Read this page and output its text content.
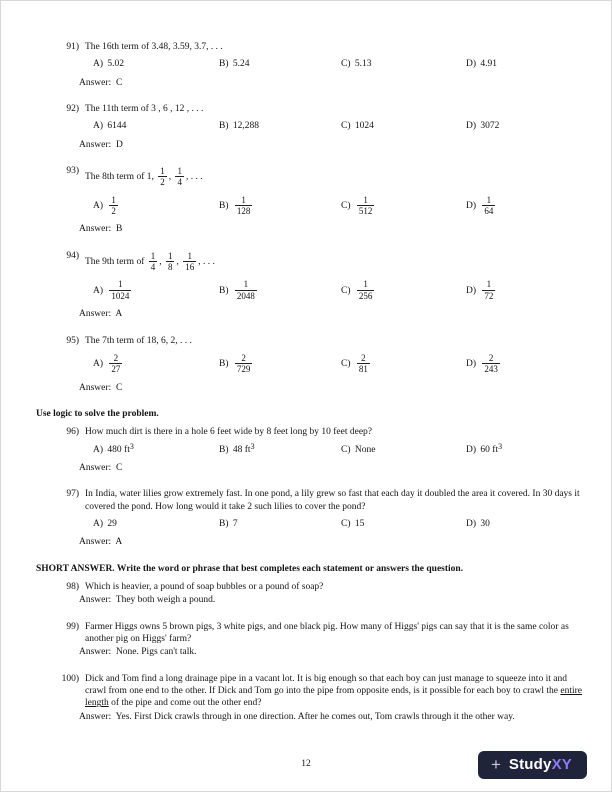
91) The 16th term of 3.48, 3.59, 3.7, . . .
A) 5.02	B) 5.24	C) 5.13	D) 4.91
Answer:  C
92) The 11th term of 3 , 6 , 12 , . . .
A) 6144	B) 12,288	C) 1024	D) 3072
Answer:  D
93)
The 8th term of 1, $\frac{1}{2}$ , $\frac{1}{4}$ , . . .
$A) \frac{1}{2}$	$B) \frac{1}{128}$	$C) \frac{1}{512}$	$D) \frac{1}{64}$
Answer:  B
94)
The 9th term of $\frac{1}{4}$ , $\frac{1}{8}$ , $\frac{1}{16}$ , . . .
$A) \frac{1}{1024}$	$B) \frac{1}{2048}$	$C) \frac{1}{256}$	$D) \frac{1}{72}$
Answer:  A
95) The 7th term of 18, 6, 2, . . .
$A) \frac{2}{27}$	$B) \frac{2}{729}$	$C) \frac{2}{81}$	$D) \frac{2}{243}$
Answer:  C
Use logic to solve the problem.
96) How much dirt is there in a hole 6 feet wide by 8 feet long by 10 feet deep?
A) 480 $ft^3$	B) 48 $ft^3$	C) None	D) 60 $ft^3$
Answer:  C
97) In India, water lilies grow extremely fast. In one pond, a lily grew so fast that each day it doubled the area it covered. In 30 days it covered the pond. How long would it take 2 such lilies to cover the pond?
A) 29	B) 7	C) 15	D) 30
Answer:  A
SHORT ANSWER. Write the word or phrase that best completes each statement or answers the question.
98) Which is heavier, a pound of soap bubbles or a pound of soap?
Answer:  They both weigh a pound.
99) Farmer Higgs owns 5 brown pigs, 3 white pigs, and one black pig. How many of Higgs' pigs can say that it is the same color as another pig on Higgs' farm?
Answer:  None. Pigs can't talk.
100) Dick and Tom find a long drainage pipe in a vacant lot. It is big enough so that each boy can just manage to squeeze into it and crawl from one end to the other. If Dick and Tom go into the pipe from opposite ends, is it possible for each boy to crawl the entire length of the pipe and come out the other end?
Answer:  Yes. First Dick crawls through in one direction. After he comes out, Tom crawls through it the other way.
12	+ StudyXY
